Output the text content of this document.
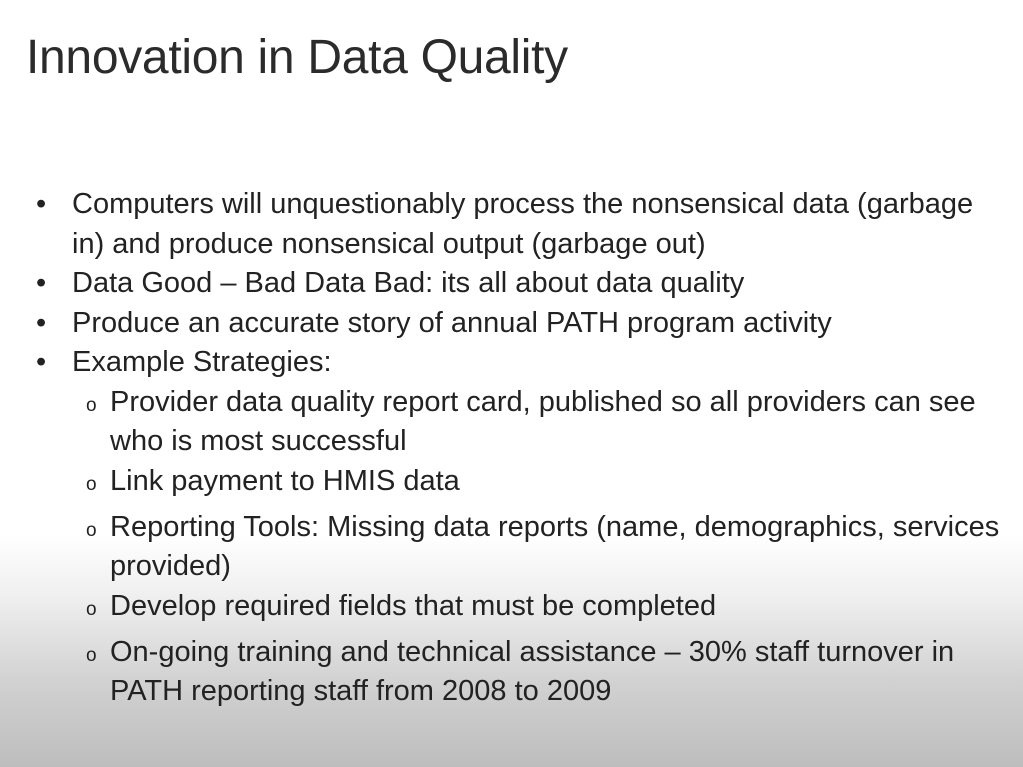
Innovation in Data Quality
• Computers will unquestionably process the nonsensical data (garbage in) and produce nonsensical output (garbage out)
• Data Good – Bad Data Bad: its all about data quality
• Produce an accurate story of annual PATH program activity
• Example Strategies:
o Provider data quality report card, published so all providers can see who is most successful
o Link payment to HMIS data
o Reporting Tools: Missing data reports (name, demographics, services provided)
o Develop required fields that must be completed
o On-going training and technical assistance – 30% staff turnover in PATH reporting staff from 2008 to 2009
